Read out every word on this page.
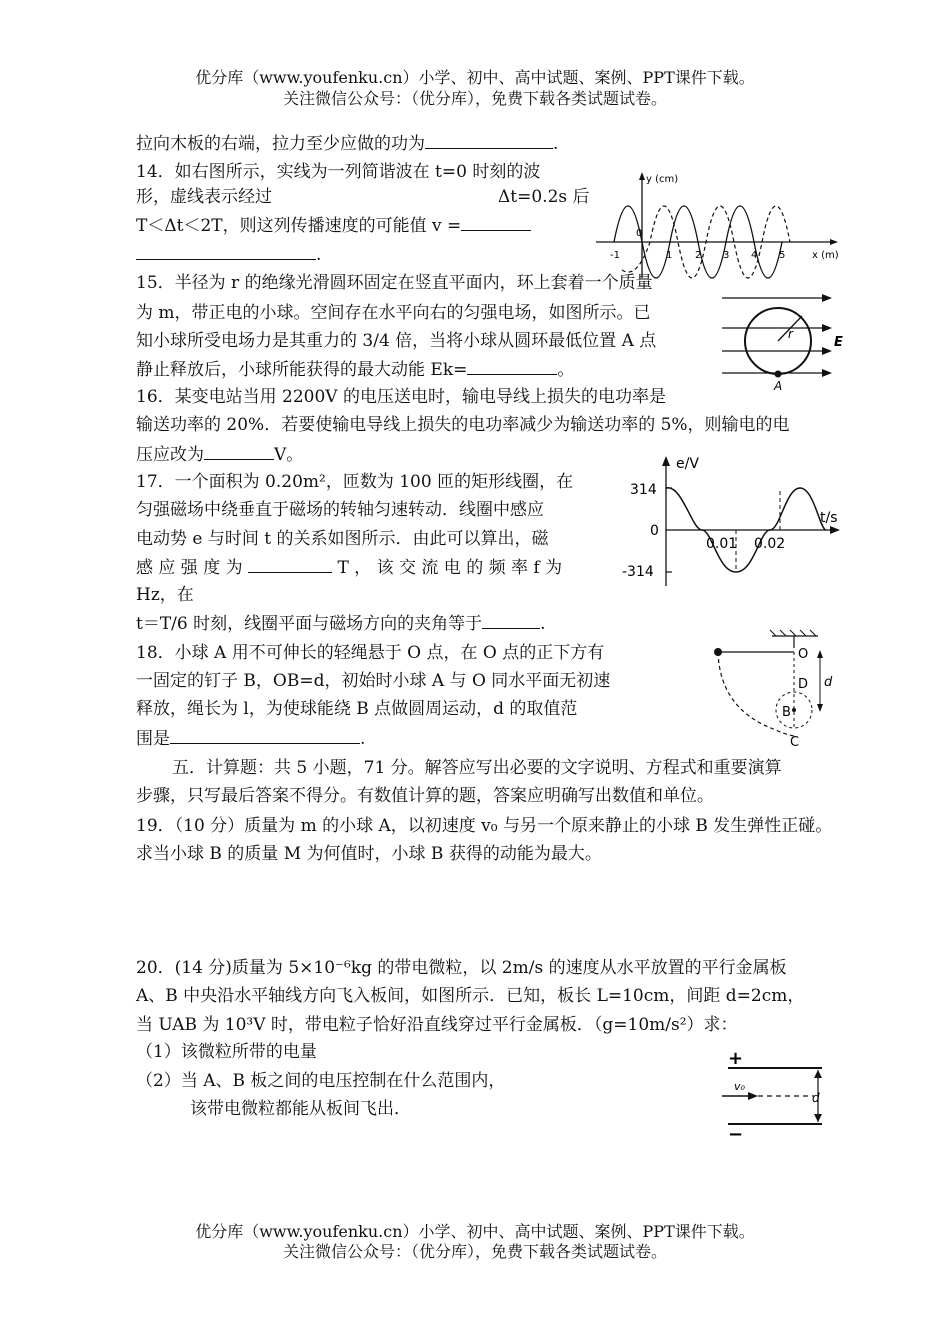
优分库（www.youfenku.cn）小学、初中、高中试题、案例、PPT课件下载。
关注微信公众号：（优分库），免费下载各类试题试卷。
拉向木板的右端，拉力至少应做的功为	.
14．如右图所示，实线为一列简谐波在 t=0 时刻的波
形，虚线表示经过	Δt=0.2s 后
T＜Δt＜2T，则这列传播速度的可能值 v =
.
y (cm)
x (m)
-1
0
1 2 3 4 5
15．半径为 r 的绝缘光滑圆环固定在竖直平面内，环上套着一个质量
为 m，带正电的小球。空间存在水平向右的匀强电场，如图所示。已
知小球所受电场力是其重力的 3/4 倍，当将小球从圆环最低位置 A 点
静止释放后，小球所能获得的最大动能 Ek=	。
r
A
E
16．某变电站当用 2200V 的电压送电时，输电导线上损失的电功率是
输送功率的 20%．若要使输电导线上损失的电功率减少为输送功率的 5%，则输电的电
压应改为	V。
17．一个面积为 0.20m²，匝数为 100 匝的矩形线圈，在
匀强磁场中绕垂直于磁场的转轴匀速转动．线圈中感应
电动势 e 与时间 t 的关系如图所示．由此可以算出，磁
感 应 强 度 为	T ， 该 交 流 电 的 频 率 f 为
Hz，在
t＝T/6 时刻，线圈平面与磁场方向的夹角等于	.
e/V
t/s
314
0
-314
0.01 0.02
18．小球 A 用不可伸长的轻绳悬于 O 点，在 O 点的正下方有
一固定的钉子 B，OB=d，初始时小球 A 与 O 同水平面无初速
释放，绳长为 l，为使球能绕 B 点做圆周运动，d 的取值范
围是	.
O
D
B
C
d
五．计算题：共 5 小题，71 分。解答应写出必要的文字说明、方程式和重要演算
步骤，只写最后答案不得分。有数值计算的题，答案应明确写出数值和单位。
19．（10 分）质量为 m 的小球 A，以初速度 v₀ 与另一个原来静止的小球 B 发生弹性正碰。
求当小球 B 的质量 M 为何值时，小球 B 获得的动能为最大。
20．(14 分)质量为 5×10⁻⁶kg 的带电微粒，以 2m/s 的速度从水平放置的平行金属板
A、B 中央沿水平轴线方向飞入板间，如图所示．已知，板长 L=10cm，间距 d=2cm，
当 UAB 为 10³V 时，带电粒子恰好沿直线穿过平行金属板．（g=10m/s²）求：
（1）该微粒所带的电量
（2）当 A、B 板之间的电压控制在什么范围内，
该带电微粒都能从板间飞出．
+
−
v₀
d
优分库（www.youfenku.cn）小学、初中、高中试题、案例、PPT课件下载。
关注微信公众号：（优分库），免费下载各类试题试卷。
